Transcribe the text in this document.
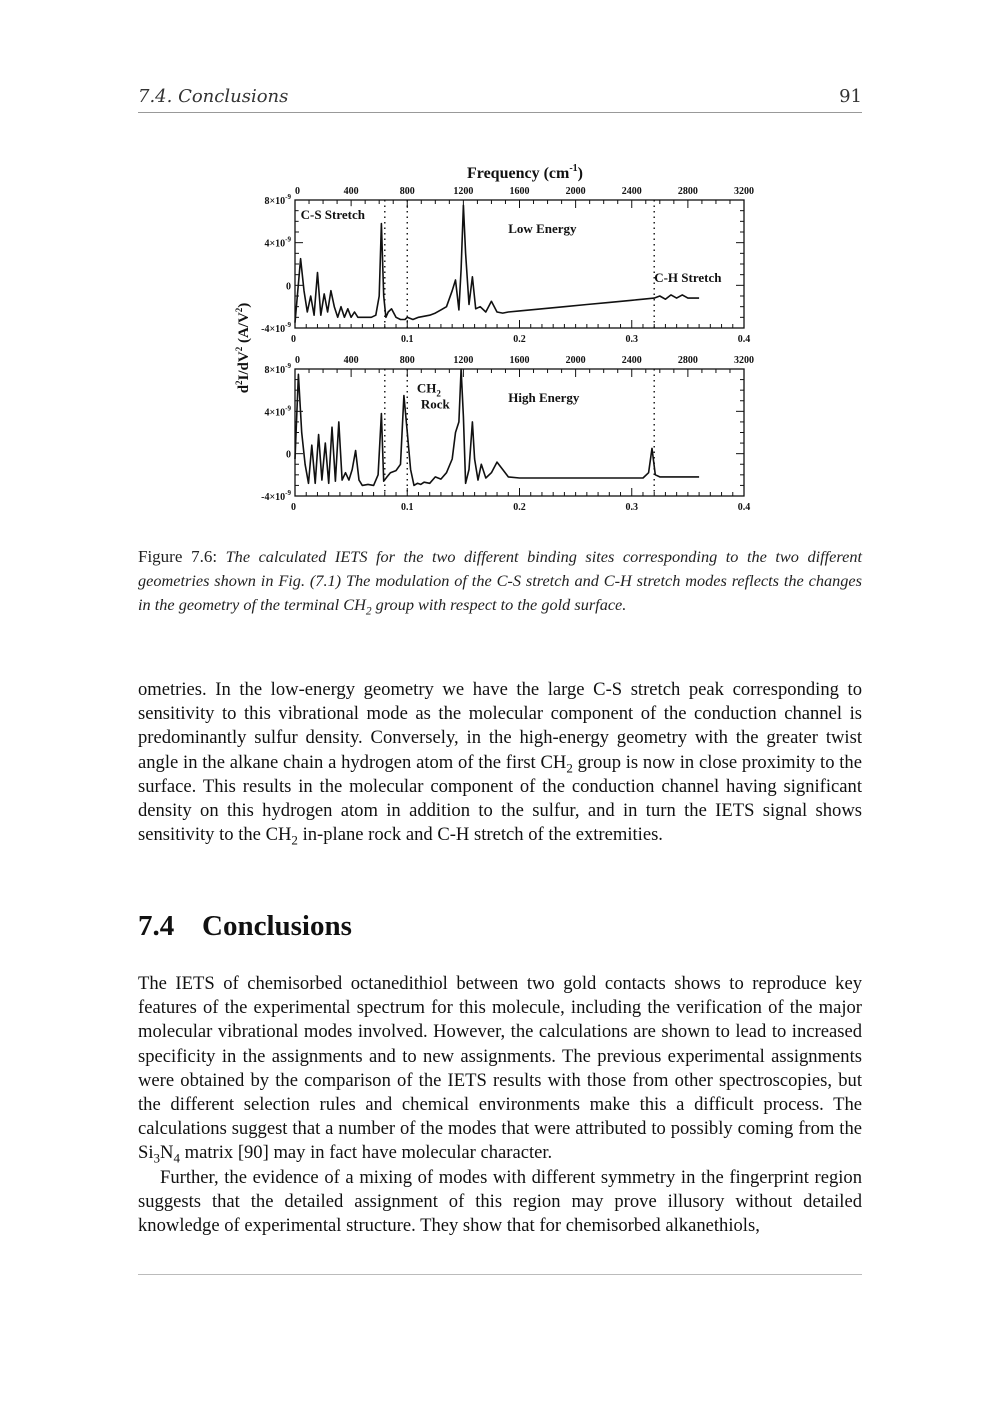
7.4. Conclusions	91
Frequency $(cm^{-1})$
$d^2I/dV^2$ $(A/V^2)$
0	400	800	1200	1600	2000	2400	2800	3200
0	0.1	0.2	0.3	0.4
$8\times 10^{-9}$
$4\times 10^{-9}$
0
$-4\times 10^{-9}$
Low Energy
C-S Stretch
C-H Stretch
0	400	800	1200	1600	2000	2400	2800	3200
0	0.1	0.2	0.3	0.4
$8\times 10^{-9}$
$4\times 10^{-9}$
0
$-4\times 10^{-9}$
High Energy
$CH_2$
Rock
Figure 7.6: The calculated IETS for the two different binding sites corresponding to the two different geometries shown in Fig. (7.1) The modulation of the C-S stretch and C-H stretch modes reflects the changes in the geometry of the terminal $CH_2$ group with respect to the gold surface.

ometries. In the low-energy geometry we have the large C-S stretch peak corresponding to sensitivity to this vibrational mode as the molecular component of the conduction channel is predominantly sulfur density. Conversely, in the high-energy geometry with the greater twist angle in the alkane chain a hydrogen atom of the first $CH_2$ group is now in close proximity to the surface. This results in the molecular component of the conduction channel having significant density on this hydrogen atom in addition to the sulfur, and in turn the IETS signal shows sensitivity to the $CH_2$ in-plane rock and C-H stretch of the extremities.

7.4 Conclusions

The IETS of chemisorbed octanedithiol between two gold contacts shows to reproduce key features of the experimental spectrum for this molecule, including the verification of the major molecular vibrational modes involved. However, the calculations are shown to lead to increased specificity in the assignments and to new assignments. The previous experimental assignments were obtained by the comparison of the IETS results with those from other spectroscopies, but the different selection rules and chemical environments make this a difficult process. The calculations suggest that a number of the modes that were attributed to possibly coming from the $Si_3N_4$ matrix [90] may in fact have molecular character.

Further, the evidence of a mixing of modes with different symmetry in the fingerprint region suggests that the detailed assignment of this region may prove illusory without detailed knowledge of experimental structure. They show that for chemisorbed alkanethiols,
